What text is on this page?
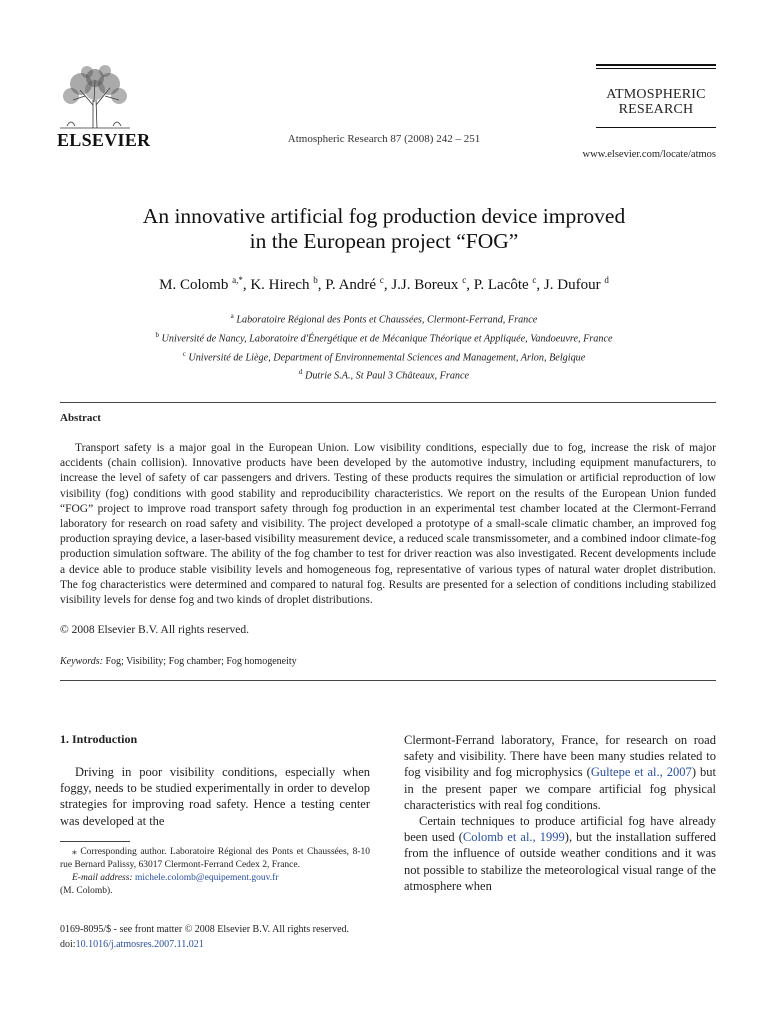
ELSEVIER	Atmospheric Research 87 (2008) 242 – 251
ATMOSPHERIC
RESEARCH
www.elsevier.com/locate/atmos
An innovative artificial fog production device improved
in the European project “FOG”
M. Colomb $^{a,*}$, K. Hirech $^b$, P. André $^c$, J.J. Boreux $^c$, P. Lacôte $^c$, J. Dufour $^d$
$^a$ Laboratoire Régional des Ponts et Chaussées, Clermont-Ferrand, France
$^b$ Université de Nancy, Laboratoire d'Énergétique et de Mécanique Théorique et Appliquée, Vandoeuvre, France
$^c$ Université de Liège, Department of Environnemental Sciences and Management, Arlon, Belgique
$^d$ Dutrie S.A., St Paul 3 Châteaux, France
Abstract
Transport safety is a major goal in the European Union. Low visibility conditions, especially due to fog, increase the risk of major accidents (chain collision). Innovative products have been developed by the automotive industry, including equipment manufacturers, to increase the level of safety of car passengers and drivers. Testing of these products requires the simulation or artificial reproduction of low visibility (fog) conditions with good stability and reproducibility characteristics. We report on the results of the European Union funded “FOG” project to improve road transport safety through fog production in an experimental test chamber located at the Clermont-Ferrand laboratory for research on road safety and visibility. The project developed a prototype of a small-scale climatic chamber, an improved fog production spraying device, a laser-based visibility measurement device, a reduced scale transmissometer, and a combined indoor climate-fog production simulation software. The ability of the fog chamber to test for driver reaction was also investigated. Recent developments include a device able to produce stable visibility levels and homogeneous fog, representative of various types of natural water droplet distribution. The fog characteristics were determined and compared to natural fog. Results are presented for a selection of conditions including stabilized visibility levels for dense fog and two kinds of droplet distributions.
© 2008 Elsevier B.V. All rights reserved.
Keywords: Fog; Visibility; Fog chamber; Fog homogeneity
1. Introduction
Driving in poor visibility conditions, especially when foggy, needs to be studied experimentally in order to develop strategies for improving road safety. Hence a testing center was developed at the
⁎ Corresponding author. Laboratoire Régional des Ponts et Chaussées, 8-10 rue Bernard Palissy, 63017 Clermont-Ferrand Cedex 2, France.
E-mail address: michele.colomb@equipement.gouv.fr
(M. Colomb).
0169-8095/$ - see front matter © 2008 Elsevier B.V. All rights reserved.
doi:10.1016/j.atmosres.2007.11.021
Clermont-Ferrand laboratory, France, for research on road safety and visibility. There have been many studies related to fog visibility and fog microphysics (Gultepe et al., 2007) but in the present paper we compare artificial fog physical characteristics with real fog conditions.
Certain techniques to produce artificial fog have already been used (Colomb et al., 1999), but the installation suffered from the influence of outside weather conditions and it was not possible to stabilize the meteorological visual range of the atmosphere when
